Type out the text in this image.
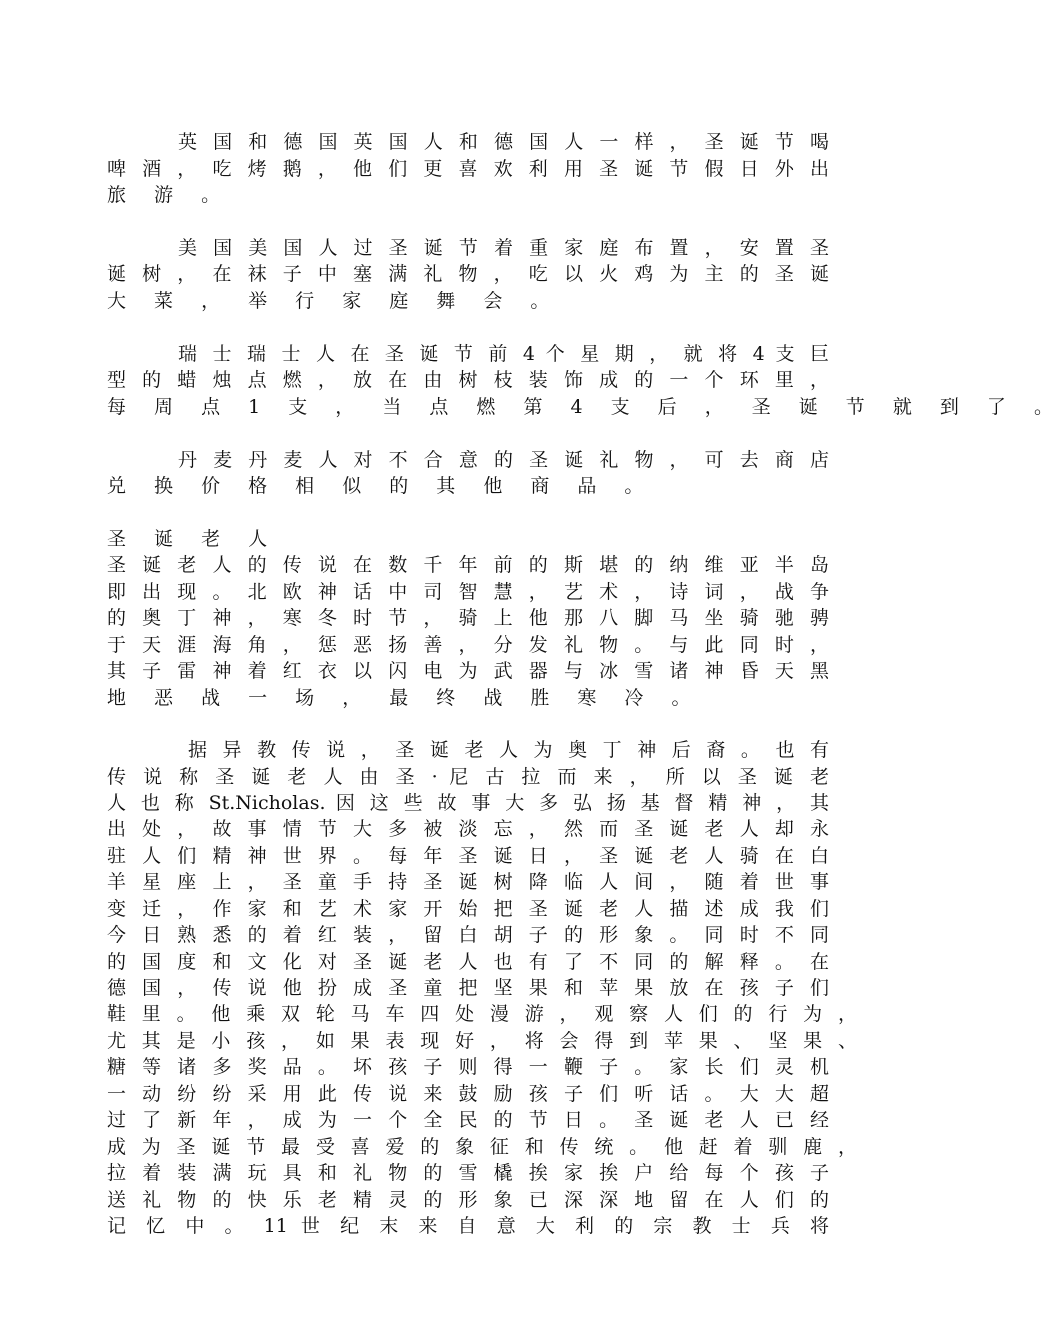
英 国 和 德 国 英 国 人 和 德 国 人 一 样 ， 圣 诞 节 喝
啤 酒 ， 吃 烤 鹅 ， 他 们 更 喜 欢 利 用 圣 诞 节 假 日 外 出
旅 游 。
美 国 美 国 人 过 圣 诞 节 着 重 家 庭 布 置 ， 安 置 圣
诞 树 ， 在 袜 子 中 塞 满 礼 物 ， 吃 以 火 鸡 为 主 的 圣 诞
大 菜 ， 举 行 家 庭 舞 会 。
瑞 士 瑞 士 人 在 圣 诞 节 前 4 个 星 期 ， 就 将 4 支 巨
型 的 蜡 烛 点 燃 ， 放 在 由 树 枝 装 饰 成 的 一 个 环 里 ，
每 周 点 1 支 ， 当 点 燃 第 4 支 后 ， 圣 诞 节 就 到 了 。
丹 麦 丹 麦 人 对 不 合 意 的 圣 诞 礼 物 ， 可 去 商 店
兑 换 价 格 相 似 的 其 他 商 品 。
圣 诞 老 人
圣 诞 老 人 的 传 说 在 数 千 年 前 的 斯 堪 的 纳 维 亚 半 岛
即 出 现 。 北 欧 神 话 中 司 智 慧 ， 艺 术 ， 诗 词 ， 战 争
的 奥 丁 神 ， 寒 冬 时 节 ， 骑 上 他 那 八 脚 马 坐 骑 驰 骋
于 天 涯 海 角 ， 惩 恶 扬 善 ， 分 发 礼 物 。 与 此 同 时 ，
其 子 雷 神 着 红 衣 以 闪 电 为 武 器 与 冰 雪 诸 神 昏 天 黑
地 恶 战 一 场 ， 最 终 战 胜 寒 冷 。
据 异 教 传 说 ， 圣 诞 老 人 为 奥 丁 神 后 裔 。 也 有
传 说 称 圣 诞 老 人 由 圣 · 尼 古 拉 而 来 ， 所 以 圣 诞 老
人 也 称 St.Nicholas. 因 这 些 故 事 大 多 弘 扬 基 督 精 神 ， 其
出 处 ， 故 事 情 节 大 多 被 淡 忘 ， 然 而 圣 诞 老 人 却 永
驻 人 们 精 神 世 界 。 每 年 圣 诞 日 ， 圣 诞 老 人 骑 在 白
羊 星 座 上 ， 圣 童 手 持 圣 诞 树 降 临 人 间 ， 随 着 世 事
变 迁 ， 作 家 和 艺 术 家 开 始 把 圣 诞 老 人 描 述 成 我 们
今 日 熟 悉 的 着 红 装 ， 留 白 胡 子 的 形 象 。 同 时 不 同
的 国 度 和 文 化 对 圣 诞 老 人 也 有 了 不 同 的 解 释 。 在
德 国 ， 传 说 他 扮 成 圣 童 把 坚 果 和 苹 果 放 在 孩 子 们
鞋 里 。 他 乘 双 轮 马 车 四 处 漫 游 ， 观 察 人 们 的 行 为 ，
尤 其 是 小 孩 ， 如 果 表 现 好 ， 将 会 得 到 苹 果 、 坚 果 、
糖 等 诸 多 奖 品 。 坏 孩 子 则 得 一 鞭 子 。 家 长 们 灵 机
一 动 纷 纷 采 用 此 传 说 来 鼓 励 孩 子 们 听 话 。 大 大 超
过 了 新 年 ， 成 为 一 个 全 民 的 节 日 。 圣 诞 老 人 已 经
成 为 圣 诞 节 最 受 喜 爱 的 象 征 和 传 统 。 他 赶 着 驯 鹿 ，
拉 着 装 满 玩 具 和 礼 物 的 雪 橇 挨 家 挨 户 给 每 个 孩 子
送 礼 物 的 快 乐 老 精 灵 的 形 象 已 深 深 地 留 在 人 们 的
记 忆 中 。 11 世 纪 末 来 自 意 大 利 的 宗 教 士 兵 将
